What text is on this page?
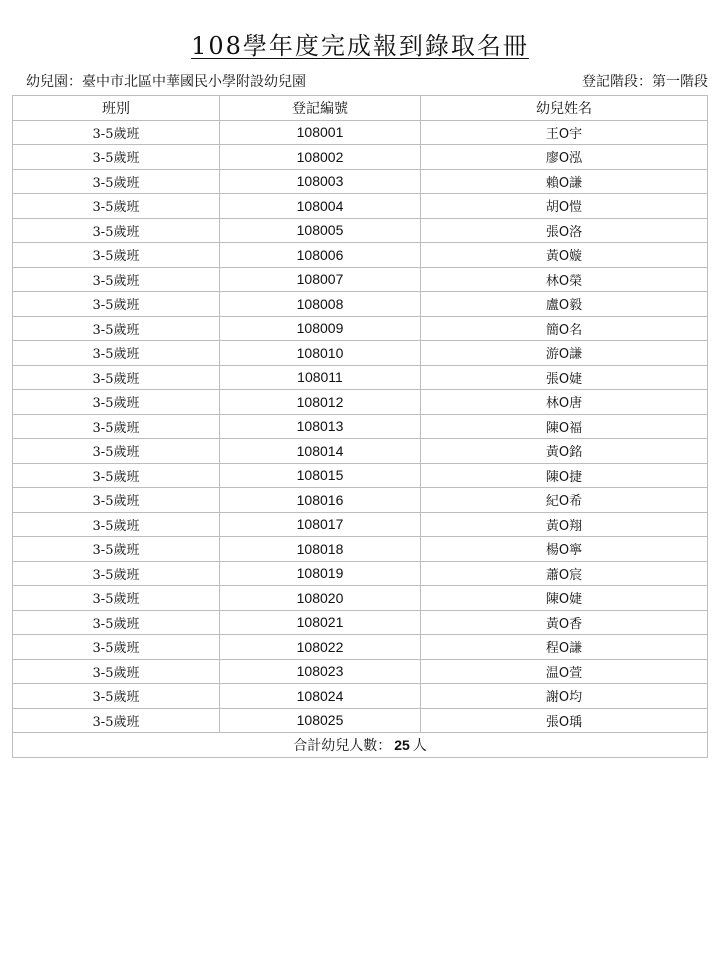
108學年度完成報到錄取名冊
幼兒園：臺中市北區中華國民小學附設幼兒園	登記階段：第一階段
班別	登記編號	幼兒姓名
3-5歲班	108001	王O宇
3-5歲班	108002	廖O泓
3-5歲班	108003	賴O謙
3-5歲班	108004	胡O愷
3-5歲班	108005	張O洛
3-5歲班	108006	黃O嫙
3-5歲班	108007	林O榮
3-5歲班	108008	盧O毅
3-5歲班	108009	簡O名
3-5歲班	108010	游O謙
3-5歲班	108011	張O婕
3-5歲班	108012	林O唐
3-5歲班	108013	陳O福
3-5歲班	108014	黃O銘
3-5歲班	108015	陳O捷
3-5歲班	108016	紀O希
3-5歲班	108017	黃O翔
3-5歲班	108018	楊O寧
3-5歲班	108019	蕭O宸
3-5歲班	108020	陳O婕
3-5歲班	108021	黃O香
3-5歲班	108022	程O謙
3-5歲班	108023	温O萱
3-5歲班	108024	謝O均
3-5歲班	108025	張O瑀
合計幼兒人數： 25 人		
